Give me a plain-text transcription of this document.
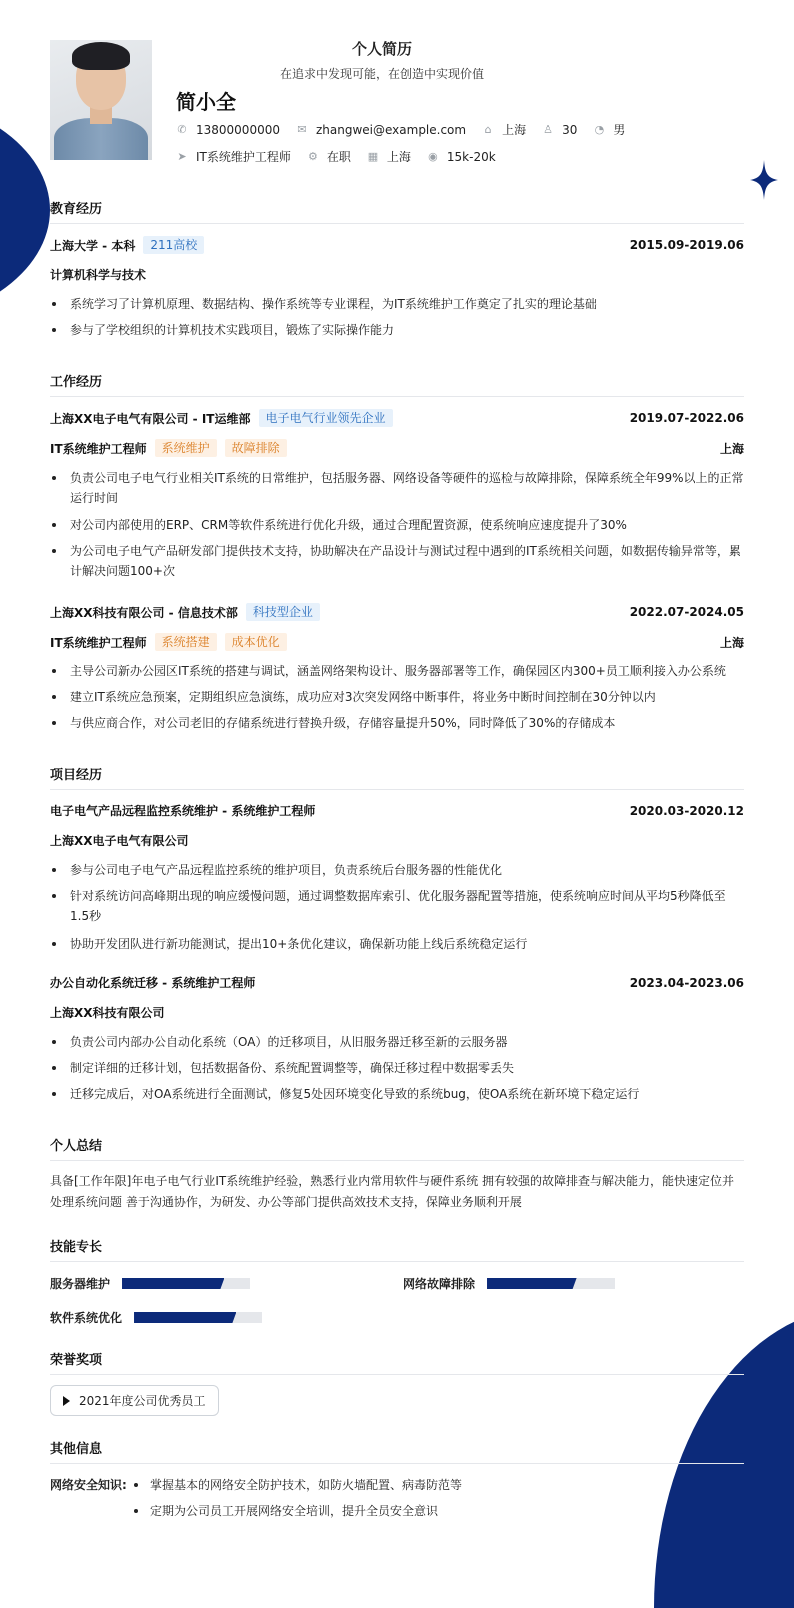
个人简历
在追求中发现可能，在创造中实现价值
简小全
✆ 13800000000 ✉ zhangwei@example.com ⌂ 上海 ♙ 30 ◔ 男
➤ IT系统维护工程师 ⚙ 在职 ▦ 上海 ◉ 15k-20k
教育经历
上海大学 - 本科	211高校	2015.09-2019.06
计算机科学与技术
系统学习了计算机原理、数据结构、操作系统等专业课程，为IT系统维护工作奠定了扎实的理论基础
参与了学校组织的计算机技术实践项目，锻炼了实际操作能力
工作经历
上海XX电子电气有限公司 - IT运维部	电子电气行业领先企业	2019.07-2022.06
IT系统维护工程师	系统维护	故障排除	上海
负责公司电子电气行业相关IT系统的日常维护，包括服务器、网络设备等硬件的巡检与故障排除，保障系统全年99%以上的正常运行时间
对公司内部使用的ERP、CRM等软件系统进行优化升级，通过合理配置资源，使系统响应速度提升了30%
为公司电子电气产品研发部门提供技术支持，协助解决在产品设计与测试过程中遇到的IT系统相关问题，如数据传输异常等，累计解决问题100+次
上海XX科技有限公司 - 信息技术部	科技型企业	2022.07-2024.05
IT系统维护工程师	系统搭建	成本优化	上海
主导公司新办公园区IT系统的搭建与调试，涵盖网络架构设计、服务器部署等工作，确保园区内300+员工顺利接入办公系统
建立IT系统应急预案，定期组织应急演练，成功应对3次突发网络中断事件，将业务中断时间控制在30分钟以内
与供应商合作，对公司老旧的存储系统进行替换升级，存储容量提升50%，同时降低了30%的存储成本
项目经历
电子电气产品远程监控系统维护 - 系统维护工程师	2020.03-2020.12
上海XX电子电气有限公司
参与公司电子电气产品远程监控系统的维护项目，负责系统后台服务器的性能优化
针对系统访问高峰期出现的响应缓慢问题，通过调整数据库索引、优化服务器配置等措施，使系统响应时间从平均5秒降低至1.5秒
协助开发团队进行新功能测试，提出10+条优化建议，确保新功能上线后系统稳定运行
办公自动化系统迁移 - 系统维护工程师	2023.04-2023.06
上海XX科技有限公司
负责公司内部办公自动化系统（OA）的迁移项目，从旧服务器迁移至新的云服务器
制定详细的迁移计划，包括数据备份、系统配置调整等，确保迁移过程中数据零丢失
迁移完成后，对OA系统进行全面测试，修复5处因环境变化导致的系统bug，使OA系统在新环境下稳定运行
个人总结
具备[工作年限]年电子电气行业IT系统维护经验，熟悉行业内常用软件与硬件系统 拥有较强的故障排查与解决能力，能快速定位并处理系统问题 善于沟通协作，为研发、办公等部门提供高效技术支持，保障业务顺利开展
技能专长
服务器维护	网络故障排除
软件系统优化
荣誉奖项
2021年度公司优秀员工
其他信息
网络安全知识:	掌握基本的网络安全防护技术，如防火墙配置、病毒防范等
定期为公司员工开展网络安全培训，提升全员安全意识
